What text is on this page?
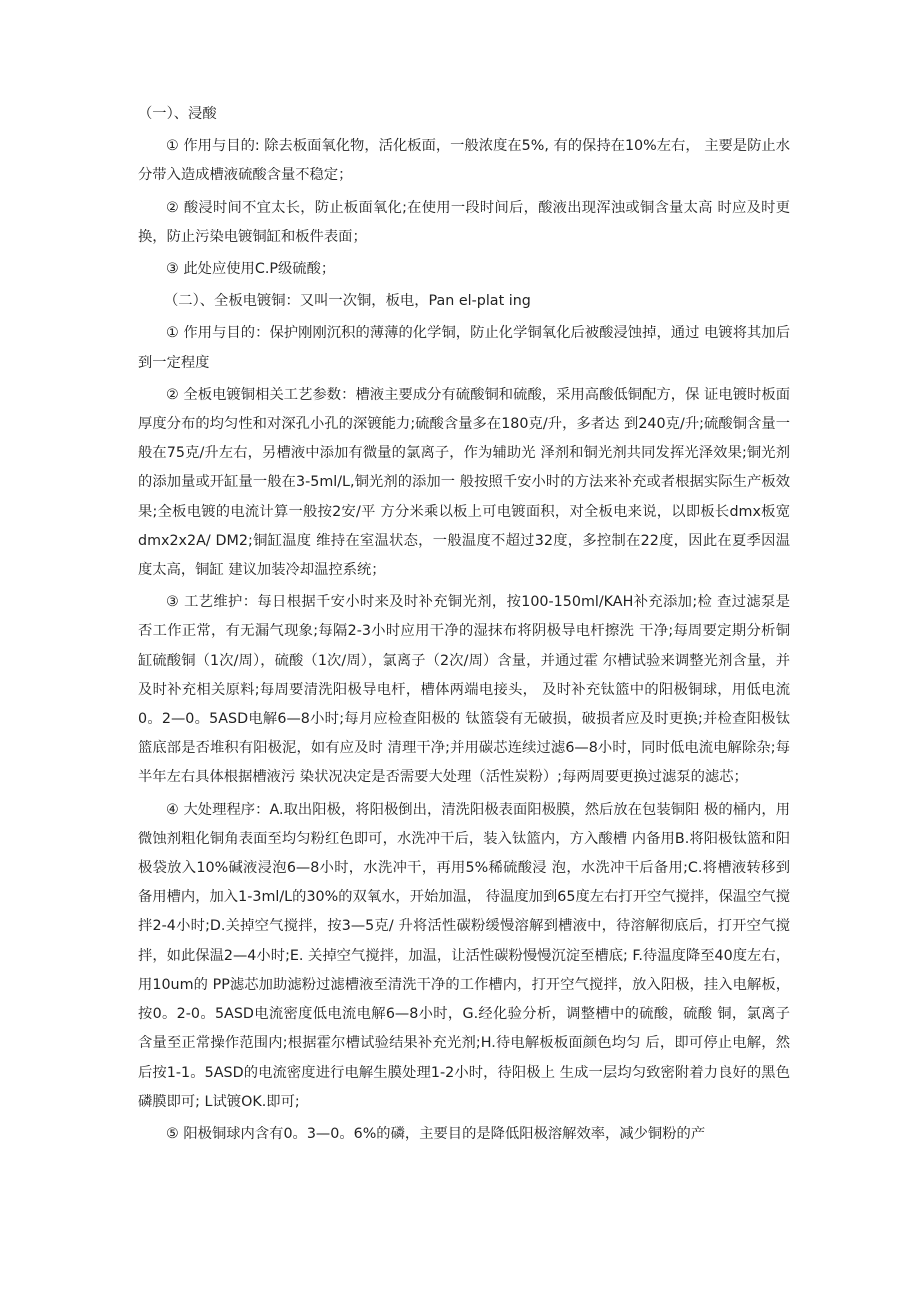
（一）、浸酸

① 作用与目的: 除去板面氧化物，活化板面，一般浓度在5%, 有的保持在10%左右， 主要是防止水分带入造成槽液硫酸含量不稳定；

② 酸浸时间不宜太长，防止板面氧化;在使用一段时间后，酸液出现浑浊或铜含量太高 时应及时更换，防止污染电镀铜缸和板件表面；

③ 此处应使用C.P级硫酸；

（二）、全板电镀铜：又叫一次铜，板电，Pan el-plat ing

① 作用与目的：保护刚刚沉积的薄薄的化学铜，防止化学铜氧化后被酸浸蚀掉，通过 电镀将其加后到一定程度

② 全板电镀铜相关工艺参数：槽液主要成分有硫酸铜和硫酸，采用高酸低铜配方，保 证电镀时板面厚度分布的均匀性和对深孔小孔的深镀能力;硫酸含量多在180克/升，多者达 到240克/升;硫酸铜含量一般在75克/升左右，另槽液中添加有微量的氯离子，作为辅助光 泽剂和铜光剂共同发挥光泽效果;铜光剂的添加量或开缸量一般在3-5ml/L,铜光剂的添加一 般按照千安小时的方法来补充或者根据实际生产板效果;全板电镀的电流计算一般按2安/平 方分米乘以板上可电镀面积，对全板电来说，以即板长dmx板宽dmx2x2A/ DM2;铜缸温度 维持在室温状态，一般温度不超过32度，多控制在22度，因此在夏季因温度太高，铜缸 建议加装冷却温控系统；

③ 工艺维护：每日根据千安小时来及时补充铜光剂，按100-150ml/KAH补充添加;检 查过滤泵是否工作正常，有无漏气现象;每隔2-3小时应用干净的湿抹布将阴极导电杆擦洗 干净;每周要定期分析铜缸硫酸铜（1次/周），硫酸（1次/周），氯离子（2次/周）含量，并通过霍 尔槽试验来调整光剂含量，并及时补充相关原料;每周要清洗阳极导电杆，槽体两端电接头， 及时补充钛篮中的阳极铜球，用低电流0。2—0。5ASD电解6—8小时;每月应检查阳极的 钛篮袋有无破损，破损者应及时更换;并检查阳极钛篮底部是否堆积有阳极泥，如有应及时 清理干净;并用碳芯连续过滤6—8小时，同时低电流电解除杂;每半年左右具体根据槽液污 染状况决定是否需要大处理（活性炭粉）;每两周要更换过滤泵的滤芯；

④ 大处理程序：A.取出阳极，将阳极倒出，清洗阳极表面阳极膜，然后放在包装铜阳 极的桶内，用微蚀剂粗化铜角表面至均匀粉红色即可，水洗冲干后，装入钛篮内，方入酸槽 内备用B.将阳极钛篮和阳极袋放入10%碱液浸泡6—8小时，水洗冲干，再用5%稀硫酸浸 泡，水洗冲干后备用;C.将槽液转移到备用槽内，加入1-3ml/L的30%的双氧水，开始加温， 待温度加到65度左右打开空气搅拌，保温空气搅拌2-4小时;D.关掉空气搅拌，按3—5克/ 升将活性碳粉缓慢溶解到槽液中，待溶解彻底后，打开空气搅拌，如此保温2—4小时;E. 关掉空气搅拌，加温，让活性碳粉慢慢沉淀至槽底; F.待温度降至40度左右，用10um的 PP滤芯加助滤粉过滤槽液至清洗干净的工作槽内，打开空气搅拌，放入阳极，挂入电解板， 按0。2-0。5ASD电流密度低电流电解6—8小时，G.经化验分析，调整槽中的硫酸，硫酸 铜，氯离子含量至正常操作范围内;根据霍尔槽试验结果补充光剂;H.待电解板板面颜色均匀 后，即可停止电解，然后按1-1。5ASD的电流密度进行电解生膜处理1-2小时，待阳极上 生成一层均匀致密附着力良好的黑色磷膜即可; L试镀OK.即可;

⑤ 阳极铜球内含有0。3—0。6%的磷，主要目的是降低阳极溶解效率，减少铜粉的产
